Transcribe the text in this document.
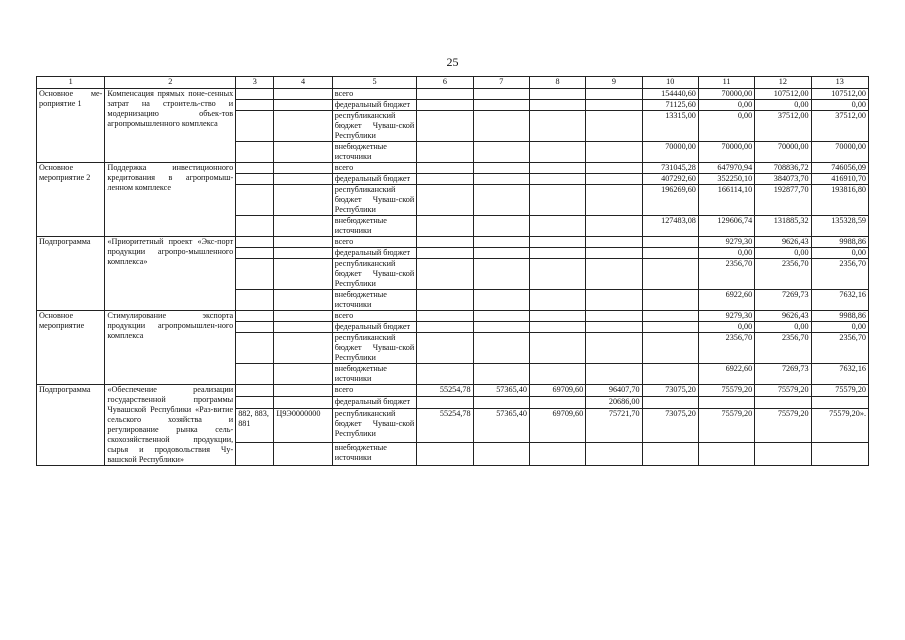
25
1	2	3	4	5	6	7	8	9	10	11	12	13
Основное ме-роприятие 1	Компенсация прямых поне-сенных затрат на строитель-ство и модернизацию объек-тов агропромышленного комплекса			всего					154440,60	70000,00	107512,00	107512,00
				федеральный бюджет					71125,60	0,00	0,00	0,00
				республиканский бюджет Чуваш-ской Республики					13315,00	0,00	37512,00	37512,00
				внебюджетные источники					70000,00	70000,00	70000,00	70000,00
Основное мероприятие 2	Поддержка инвестиционного кредитования в агропромыш-ленном комплексе			всего					731045,28	647970,94	708836,72	746056,09
				федеральный бюджет					407292,60	352250,10	384073,70	416910,70
				республиканский бюджет Чуваш-ской Республики					196269,60	166114,10	192877,70	193816,80
				внебюджетные источники					127483,08	129606,74	131885,32	135328,59
Подпрограмма	«Приоритетный проект «Экс-порт продукции агропро-мышленного комплекса»			всего						9279,30	9626,43	9988,86
				федеральный бюджет						0,00	0,00	0,00
				республиканский бюджет Чуваш-ской Республики						2356,70	2356,70	2356,70
				внебюджетные источники						6922,60	7269,73	7632,16
Основное мероприятие	Стимулирование экспорта продукции агропромышлен-ного комплекса			всего						9279,30	9626,43	9988,86
				федеральный бюджет						0,00	0,00	0,00
				республиканский бюджет Чуваш-ской Республики						2356,70	2356,70	2356,70
				внебюджетные источники						6922,60	7269,73	7632,16
Подпрограмма	«Обеспечение реализации государственной программы Чувашской Республики «Раз-витие сельского хозяйства и регулирование рынка сель-скохозяйственной продукции, сырья и продовольствия Чу-вашской Республики»			всего	55254,78	57365,40	69709,60	96407,70	73075,20	75579,20	75579,20	75579,20
				федеральный бюджет				20686,00				
		882, 883, 881	Ц9Э0000000	республиканский бюджет Чуваш-ской Республики	55254,78	57365,40	69709,60	75721,70	73075,20	75579,20	75579,20	75579,20».
				внебюджетные источники								
